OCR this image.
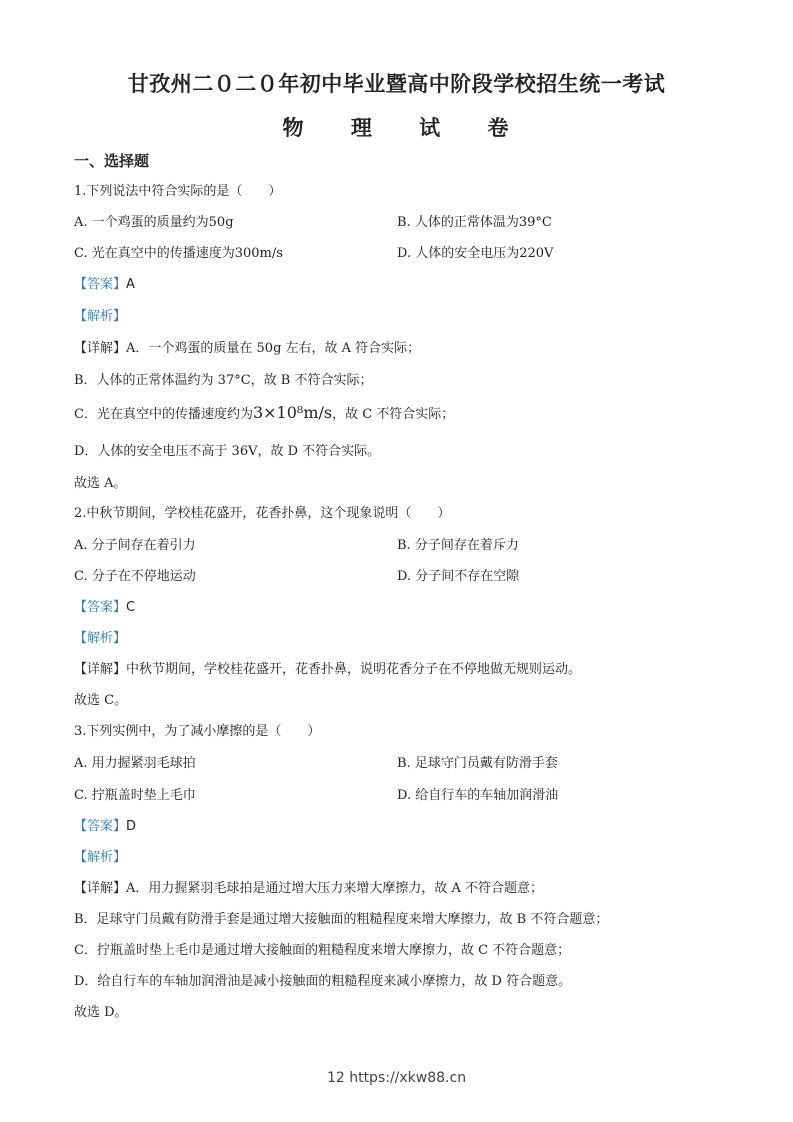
甘孜州二０二０年初中毕业暨高中阶段学校招生统一考试
物 理 试 卷
一、选择题
1.下列说法中符合实际的是（　　）
A. 一个鸡蛋的质量约为50g	B. 人体的正常体温为39°C
C. 光在真空中的传播速度为300m/s	D. 人体的安全电压为220V
【答案】A
【解析】
【详解】A．一个鸡蛋的质量在 50g 左右，故 A 符合实际；
B．人体的正常体温约为 37°C，故 B 不符合实际；
C．光在真空中的传播速度约为3×10⁸m/s，故 C 不符合实际；
D．人体的安全电压不高于 36V，故 D 不符合实际。
故选 A。
2.中秋节期间，学校桂花盛开，花香扑鼻，这个现象说明（　　）
A. 分子间存在着引力	B. 分子间存在着斥力
C. 分子在不停地运动	D. 分子间不存在空隙
【答案】C
【解析】
【详解】中秋节期间，学校桂花盛开，花香扑鼻，说明花香分子在不停地做无规则运动。
故选 C。
3.下列实例中，为了减小摩擦的是（　　）
A. 用力握紧羽毛球拍	B. 足球守门员戴有防滑手套
C. 拧瓶盖时垫上毛巾	D. 给自行车的车轴加润滑油
【答案】D
【解析】
【详解】A．用力握紧羽毛球拍是通过增大压力来增大摩擦力，故 A 不符合题意；
B．足球守门员戴有防滑手套是通过增大接触面的粗糙程度来增大摩擦力，故 B 不符合题意；
C．拧瓶盖时垫上毛巾是通过增大接触面的粗糙程度来增大摩擦力，故 C 不符合题意；
D．给自行车的车轴加润滑油是减小接触面的粗糙程度来减小摩擦力，故 D 符合题意。
故选 D。
12 https://xkw88.cn
